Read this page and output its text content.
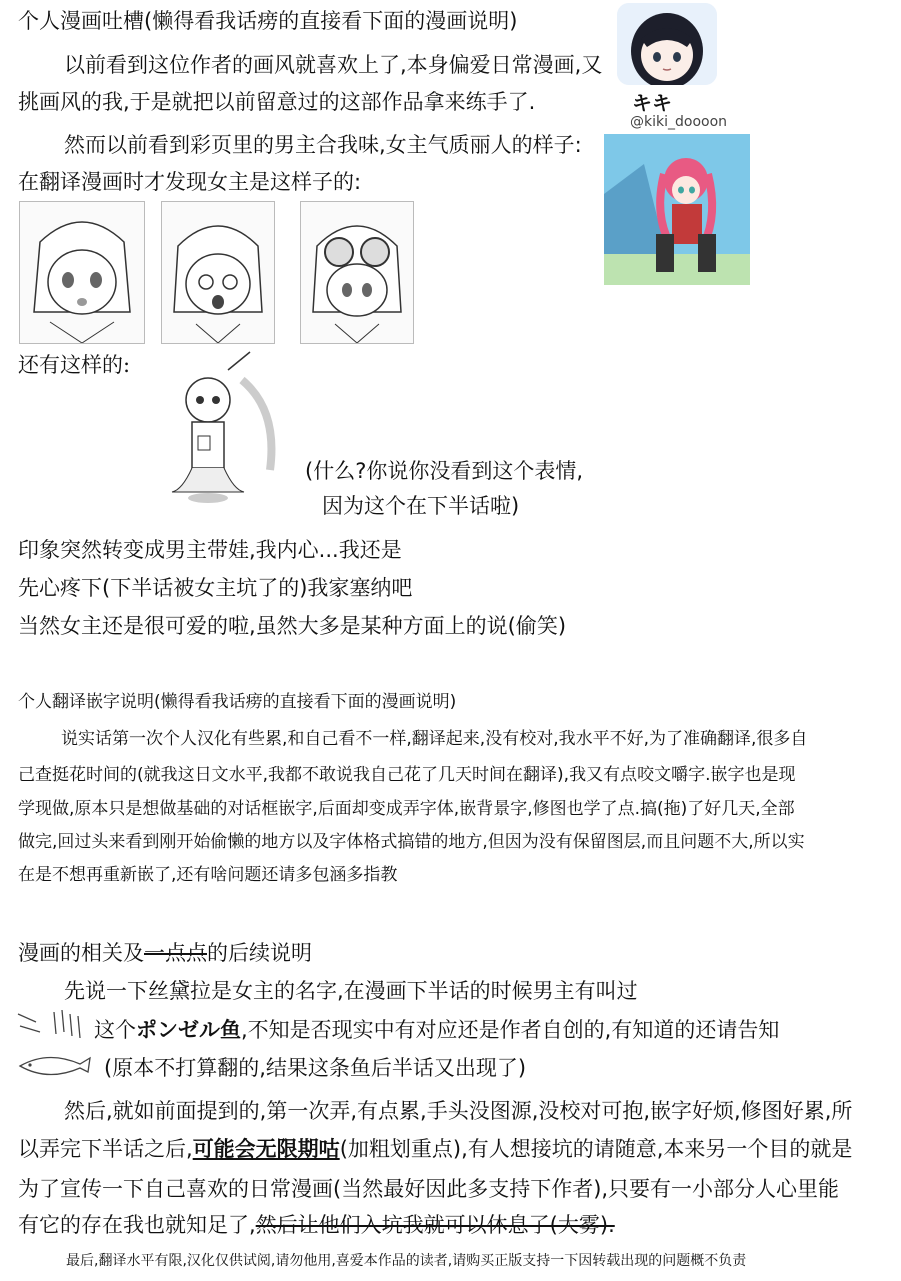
个人漫画吐槽(懒得看我话痨的直接看下面的漫画说明)
以前看到这位作者的画风就喜欢上了,本身偏爱日常漫画,又
挑画风的我,于是就把以前留意过的这部作品拿来练手了.
然而以前看到彩页里的男主合我味,女主气质丽人的样子:
在翻译漫画时才发现女主是这样子的:
キキ
@kiki_doooon
还有这样的:
(什么?你说你没看到这个表情,
因为这个在下半话啦)
印象突然转变成男主带娃,我内心...我还是
先心疼下(下半话被女主坑了的)我家塞纳吧
当然女主还是很可爱的啦,虽然大多是某种方面上的说(偷笑)
个人翻译嵌字说明(懒得看我话痨的直接看下面的漫画说明)
说实话第一次个人汉化有些累,和自己看不一样,翻译起来,没有校对,我水平不好,为了准确翻译,很多自
己查挺花时间的(就我这日文水平,我都不敢说我自己花了几天时间在翻译),我又有点咬文嚼字.嵌字也是现
学现做,原本只是想做基础的对话框嵌字,后面却变成弄字体,嵌背景字,修图也学了点.搞(拖)了好几天,全部
做完,回过头来看到刚开始偷懒的地方以及字体格式搞错的地方,但因为没有保留图层,而且问题不大,所以实
在是不想再重新嵌了,还有啥问题还请多包涵多指教
漫画的相关及一点点的后续说明
先说一下丝黛拉是女主的名字,在漫画下半话的时候男主有叫过
这个ポンゼル鱼,不知是否现实中有对应还是作者自创的,有知道的还请告知
(原本不打算翻的,结果这条鱼后半话又出现了)
然后,就如前面提到的,第一次弄,有点累,手头没图源,没校对可抱,嵌字好烦,修图好累,所
以弄完下半话之后,可能会无限期咕(加粗划重点),有人想接坑的请随意,本来另一个目的就是
为了宣传一下自己喜欢的日常漫画(当然最好因此多支持下作者),只要有一小部分人心里能
有它的存在我也就知足了,然后让他们入坑我就可以休息了(大雾).
最后,翻译水平有限,汉化仅供试阅,请勿他用,喜爱本作品的读者,请购买正版支持一下因转载出现的问题概不负责
